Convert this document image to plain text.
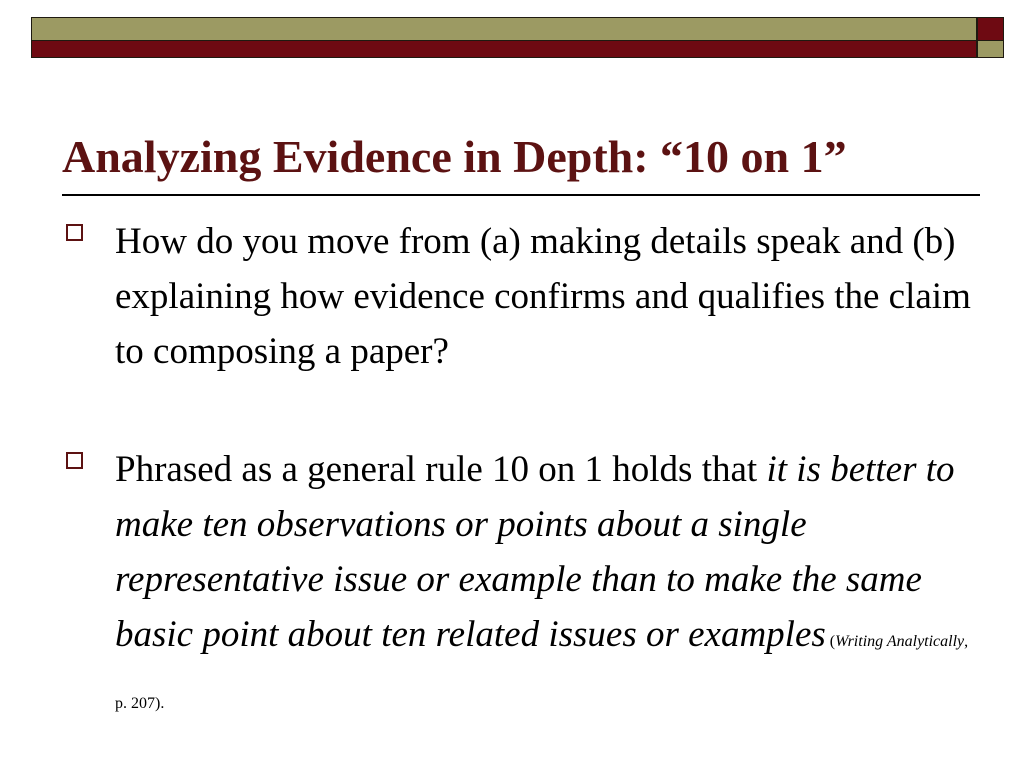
Analyzing Evidence in Depth: “10 on 1”

How do you move from (a) making details speak and (b) explaining how evidence confirms and qualifies the claim to composing a paper?

Phrased as a general rule 10 on 1 holds that it is better to make ten observations or points about a single representative issue or example than to make the same basic point about ten related issues or examples (Writing Analytically, p. 207).
